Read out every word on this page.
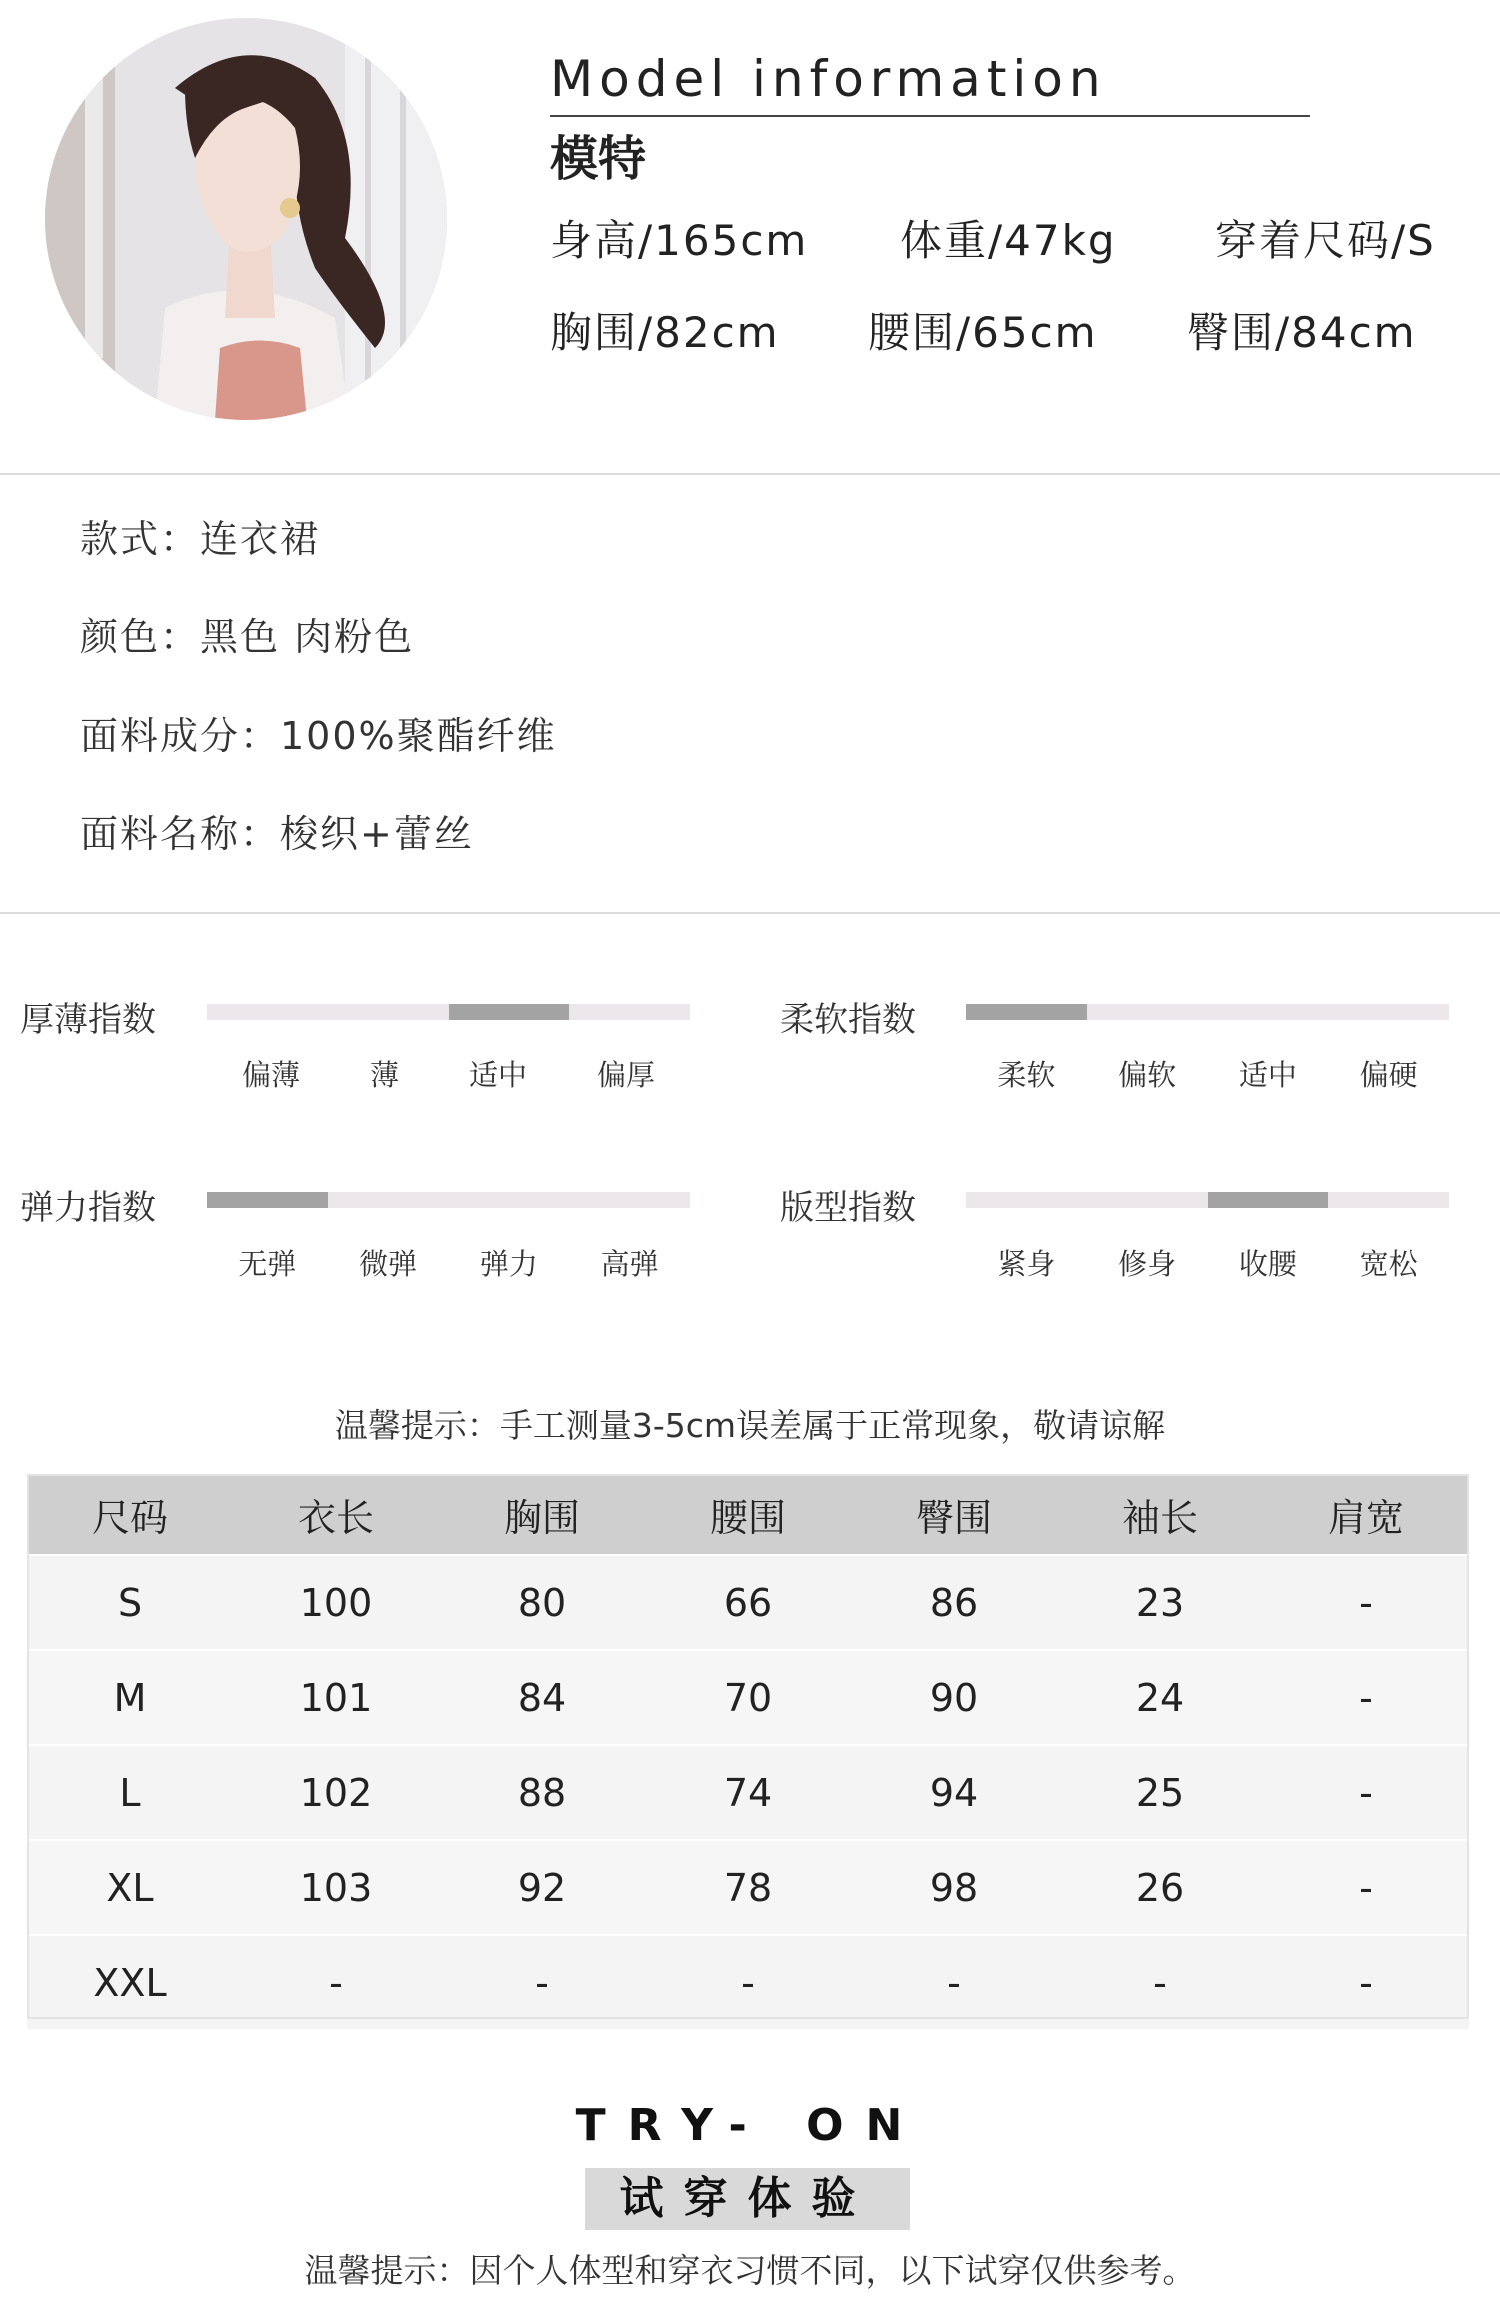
Model information
模特
身高/165cm 体重/47kg 穿着尺码/S
胸围/82cm 腰围/65cm 臀围/84cm
款式：连衣裙
颜色：黑色 肉粉色
面料成分：100%聚酯纤维
面料名称：梭织+蕾丝
厚薄指数
偏薄 薄 适中 偏厚
柔软指数
柔软 偏软 适中 偏硬
弹力指数
无弹 微弹 弹力 高弹
版型指数
紧身 修身 收腰 宽松
温馨提示：手工测量3-5cm误差属于正常现象，敬请谅解
尺码	衣长	胸围	腰围	臀围	袖长	肩宽
S	100	80	66	86	23	-
M	101	84	70	90	24	-
L	102	88	74	94	25	-
XL	103	92	78	98	26	-
XXL	-	-	-	-	-	-
TRY- ON
试穿体验
温馨提示：因个人体型和穿衣习惯不同，以下试穿仅供参考。
